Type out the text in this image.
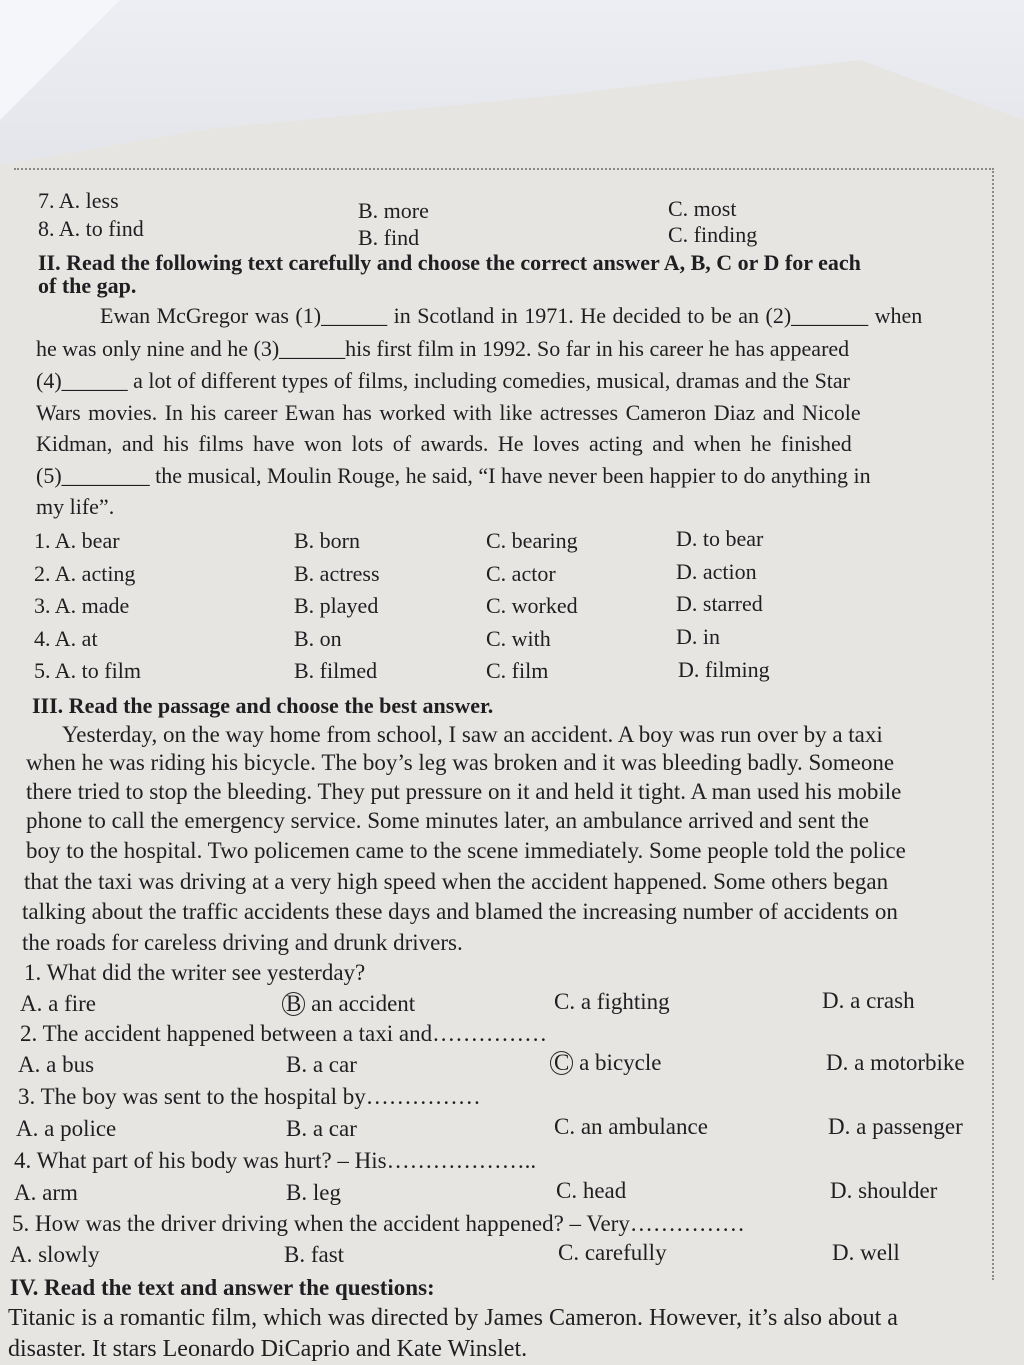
7. A. less	B. more	C. most
8. A. to find	B. find	C. finding
II. Read the following text carefully and choose the correct answer A, B, C or D for each
of the gap.
Ewan McGregor was (1)______ in Scotland in 1971. He decided to be an (2)_______ when
he was only nine and he (3)______his first film in 1992. So far in his career he has appeared
(4)______ a lot of different types of films, including comedies, musical, dramas and the Star
Wars movies. In his career Ewan has worked with like actresses Cameron Diaz and Nicole
Kidman, and his films have won lots of awards. He loves acting and when he finished
(5)________ the musical, Moulin Rouge, he said, “I have never been happier to do anything in
my life”.
1. A. bear	B. born	C. bearing	D. to bear
2. A. acting	B. actress	C. actor	D. action
3. A. made	B. played	C. worked	D. starred
4. A. at	B. on	C. with	D. in
5. A. to film	B. filmed	C. film	D. filming
III. Read the passage and choose the best answer.
Yesterday, on the way home from school, I saw an accident. A boy was run over by a taxi
when he was riding his bicycle. The boy’s leg was broken and it was bleeding badly. Someone
there tried to stop the bleeding. They put pressure on it and held it tight. A man used his mobile
phone to call the emergency service. Some minutes later, an ambulance arrived and sent the
boy to the hospital. Two policemen came to the scene immediately. Some people told the police
that the taxi was driving at a very high speed when the accident happened. Some others began
talking about the traffic accidents these days and blamed the increasing number of accidents on
the roads for careless driving and drunk drivers.
1. What did the writer see yesterday?
A. a fire	B an accident	C. a fighting	D. a crash
2. The accident happened between a taxi and……………
A. a bus	B. a car	C a bicycle	D. a motorbike
3. The boy was sent to the hospital by……………
A. a police	B. a car	C. an ambulance	D. a passenger
4. What part of his body was hurt? – His………………..
A. arm	B. leg	C. head	D. shoulder
5. How was the driver driving when the accident happened? – Very……………
A. slowly	B. fast	C. carefully	D. well
IV. Read the text and answer the questions:
Titanic is a romantic film, which was directed by James Cameron. However, it’s also about a
disaster. It stars Leonardo DiCaprio and Kate Winslet.
